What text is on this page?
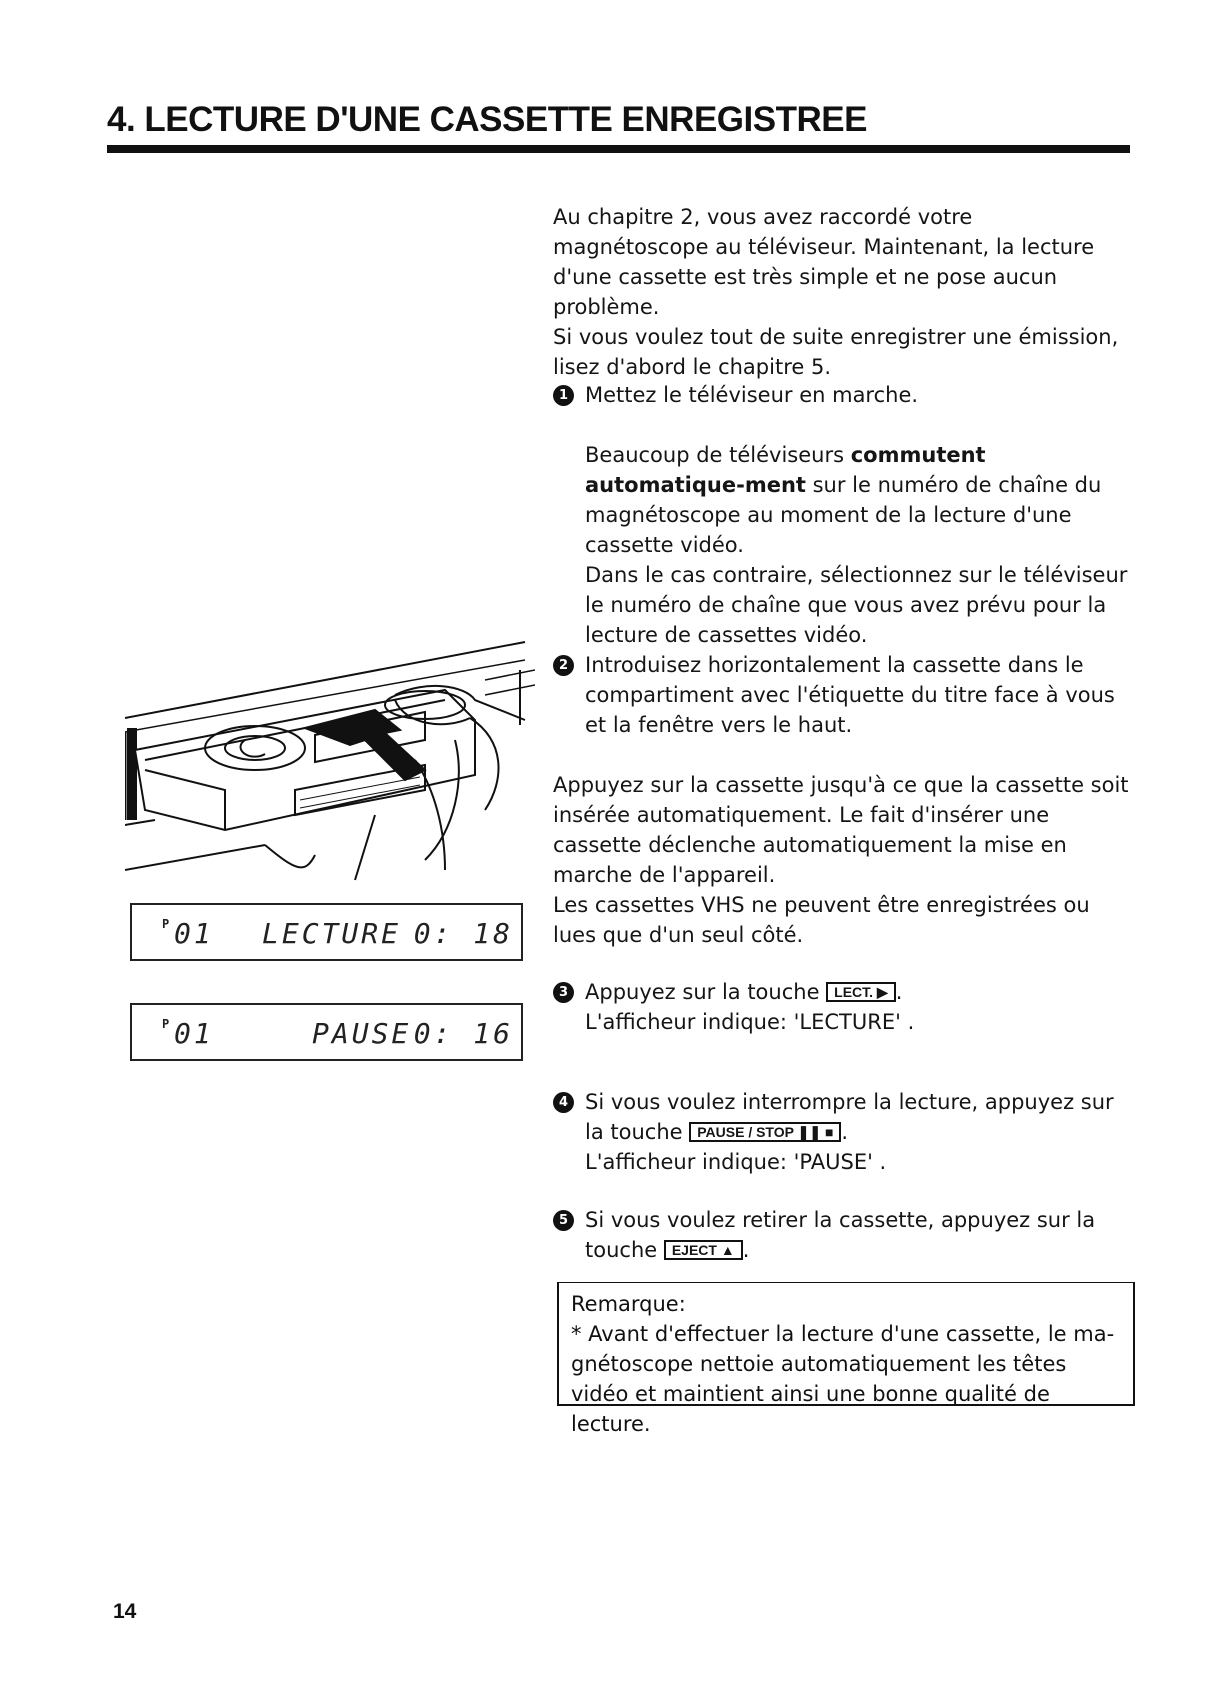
4. LECTURE D'UNE CASSETTE ENREGISTREE
P 01 LECTURE 0: 18
P 01	PAUSE 0: 16

Au chapitre 2, vous avez raccordé votre magnétoscope au téléviseur. Maintenant, la lecture d'une cassette est très simple et ne pose aucun problème.

Si vous voulez tout de suite enregistrer une émission, lisez d'abord le chapitre 5.

1 Mettez le téléviseur en marche.

Beaucoup de téléviseurs commutent automatique-ment sur le numéro de chaîne du magnétoscope au moment de la lecture d'une cassette vidéo.

Dans le cas contraire, sélectionnez sur le téléviseur le numéro de chaîne que vous avez prévu pour la lecture de cassettes vidéo.

2 Introduisez horizontalement la cassette dans le compartiment avec l'étiquette du titre face à vous et la fenêtre vers le haut.

Appuyez sur la cassette jusqu'à ce que la cassette soit insérée automatiquement. Le fait d'insérer une cassette déclenche automatiquement la mise en marche de l'appareil.

Les cassettes VHS ne peuvent être enregistrées ou lues que d'un seul côté.

3 Appuyez sur la touche LECT. ▶ .

L'afficheur indique: 'LECTURE' .

4 Si vous voulez interrompre la lecture, appuyez sur la touche PAUSE / STOP ❚❚ ■ .

L'afficheur indique: 'PAUSE' .

5 Si vous voulez retirer la cassette, appuyez sur la touche EJECT ▲ .

Remarque:

* Avant d'effectuer la lecture d'une cassette, le ma-gnétoscope nettoie automatiquement les têtes vidéo et maintient ainsi une bonne qualité de lecture.

14
